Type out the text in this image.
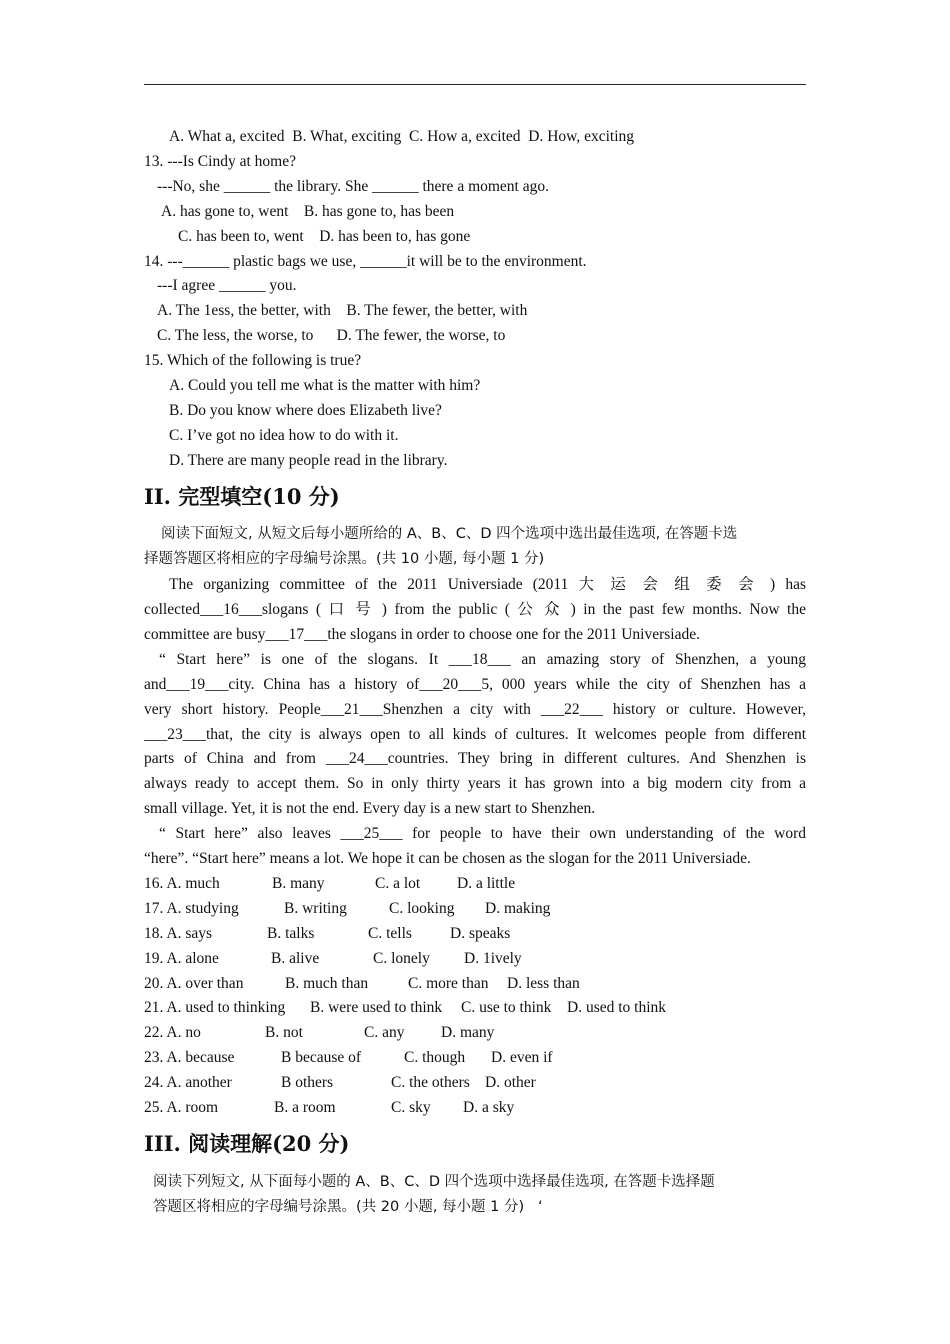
A. What a, excited  B. What, exciting  C. How a, excited  D. How, exciting
13. ---Is Cindy at home?
---No, she ______ the library. She ______ there a moment ago.
A. has gone to, went    B. has gone to, has been
C. has been to, went    D. has been to, has gone
14. ---______ plastic bags we use, ______it will be to the environment.
---I agree ______ you.
A. The 1ess, the better, with    B. The fewer, the better, with
C. The less, the worse, to      D. The fewer, the worse, to
15. Which of the following is true?
A. Could you tell me what is the matter with him?
B. Do you know where does Elizabeth live?
C. I’ve got no idea how to do with it.
D. There are many people read in the library.
II. 完型填空(10 分)
阅读下面短文, 从短文后每小题所给的 A、B、C、D 四个选项中选出最佳选项, 在答题卡选
择题答题区将相应的字母编号涂黑。(共 10 小题, 每小题 1 分)
The organizing committee of the 2011 Universiade (2011 大 运 会 组 委 会 ) has
collected___16___slogans ( 口 号 ) from the public ( 公 众 ) in the past few months. Now the
committee are busy___17___the slogans in order to choose one for the 2011 Universiade.
“ Start here” is one of the slogans. It ___18___ an amazing story of Shenzhen, a young
and___19___city. China has a history of___20___5, 000 years while the city of Shenzhen has a
very short history. People___21___Shenzhen a city with ___22___ history or culture. However,
___23___that, the city is always open to all kinds of cultures. It welcomes people from different
parts of China and from ___24___countries. They bring in different cultures. And Shenzhen is
always ready to accept them. So in only thirty years it has grown into a big modern city from a
small village. Yet, it is not the end. Every day is a new start to Shenzhen.
“ Start here” also leaves ___25___ for people to have their own understanding of the word
“here”. “Start here” means a lot. We hope it can be chosen as the slogan for the 2011 Universiade.
16. A. much	B. many	C. a lot D. a little
17. A. studying	B. writing	C. looking D. making
18. A. says	B. talks	C. tells D. speaks
19. A. alone	B. alive	C. lonely D. 1ively
20. A. over than	B. much than	C. more than D. less than
21. A. used to thinking B. were used to think C. use to think D. used to think
22. A. no	B. not	C. any D. many
23. A. because	B because of	C. though D. even if
24. A. another	B others	C. the others D. other
25. A. room	B. a room	C. sky D. a sky
III. 阅读理解(20 分)
阅读下列短文, 从下面每小题的 A、B、C、D 四个选项中选择最佳选项, 在答题卡选择题
答题区将相应的字母编号涂黑。(共 20 小题, 每小题 1 分)   ‘
